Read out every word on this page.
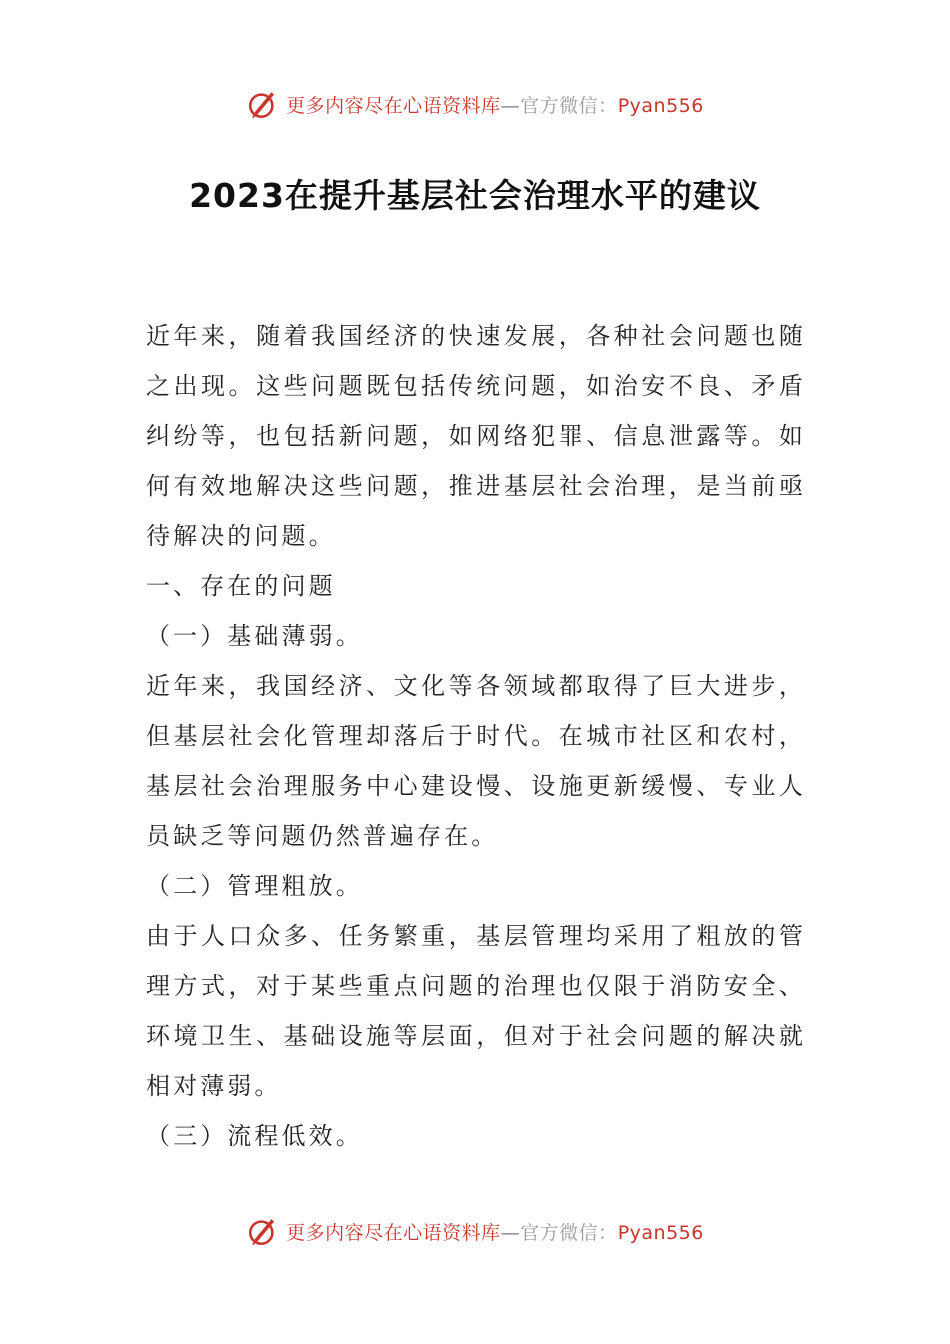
更多内容尽在心语资料库—官方微信：Pyan556
2023在提升基层社会治理水平的建议

近年来，随着我国经济的快速发展，各种社会问题也随之出现。这些问题既包括传统问题，如治安不良、矛盾纠纷等，也包括新问题，如网络犯罪、信息泄露等。如何有效地解决这些问题，推进基层社会治理，是当前亟待解决的问题。

一、存在的问题

（一）基础薄弱。

近年来，我国经济、文化等各领域都取得了巨大进步，但基层社会化管理却落后于时代。在城市社区和农村，基层社会治理服务中心建设慢、设施更新缓慢、专业人员缺乏等问题仍然普遍存在。

（二）管理粗放。

由于人口众多、任务繁重，基层管理均采用了粗放的管理方式，对于某些重点问题的治理也仅限于消防安全、环境卫生、基础设施等层面，但对于社会问题的解决就相对薄弱。

（三）流程低效。

更多内容尽在心语资料库—官方微信：Pyan556
